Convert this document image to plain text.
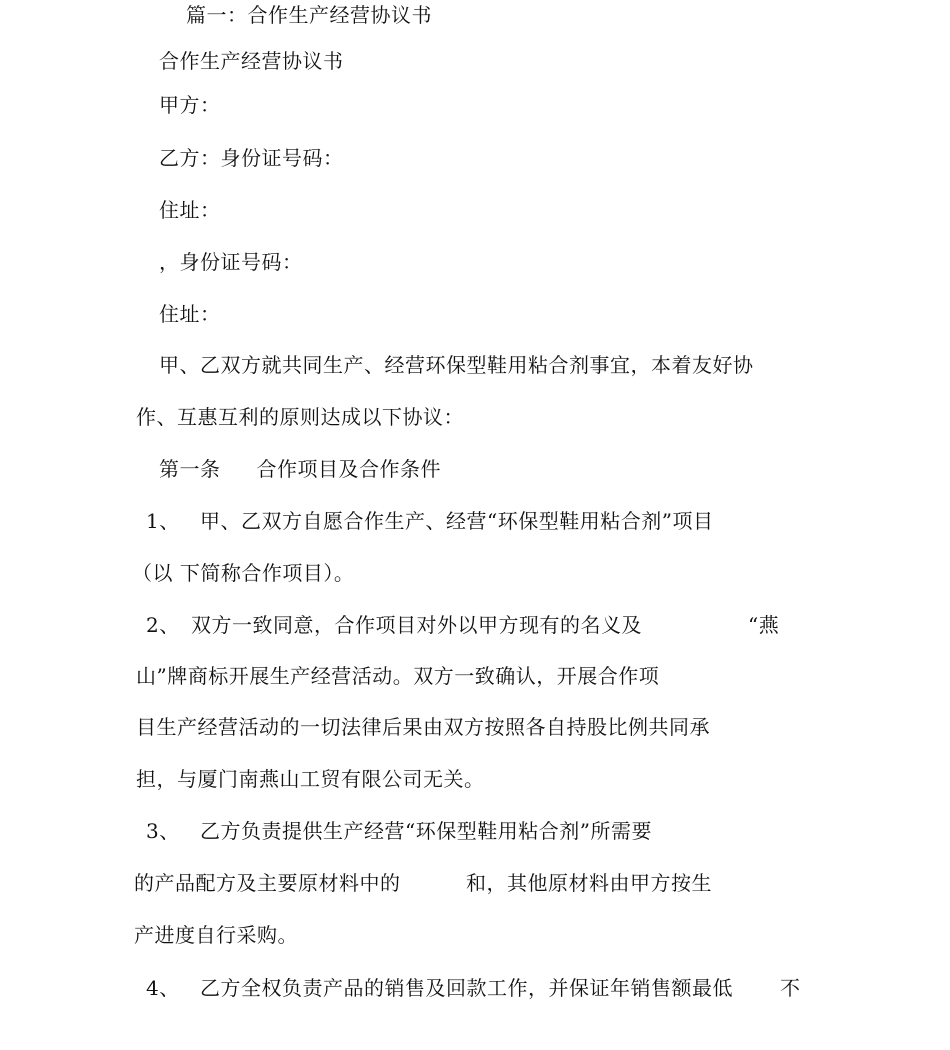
篇一：合作生产经营协议书
合作生产经营协议书
甲方：
乙方：身份证号码：
住址：
，身份证号码：
住址：
甲、乙双方就共同生产、经营环保型鞋用粘合剂事宜，本着友好协
作、互惠互利的原则达成以下协议：
第一条 合作项目及合作条件
1、 甲、乙双方自愿合作生产、经营“环保型鞋用粘合剂”项目
（以 下简称合作项目）。
2、 双方一致同意，合作项目对外以甲方现有的名义及	“燕
山”牌商标开展生产经营活动。双方一致确认，开展合作项
目生产经营活动的一切法律后果由双方按照各自持股比例共同承
担，与厦门南燕山工贸有限公司无关。
3、 乙方负责提供生产经营“环保型鞋用粘合剂”所需要
的产品配方及主要原材料中的	和，其他原材料由甲方按生
产进度自行采购。
4、 乙方全权负责产品的销售及回款工作，并保证年销售额最低 不
